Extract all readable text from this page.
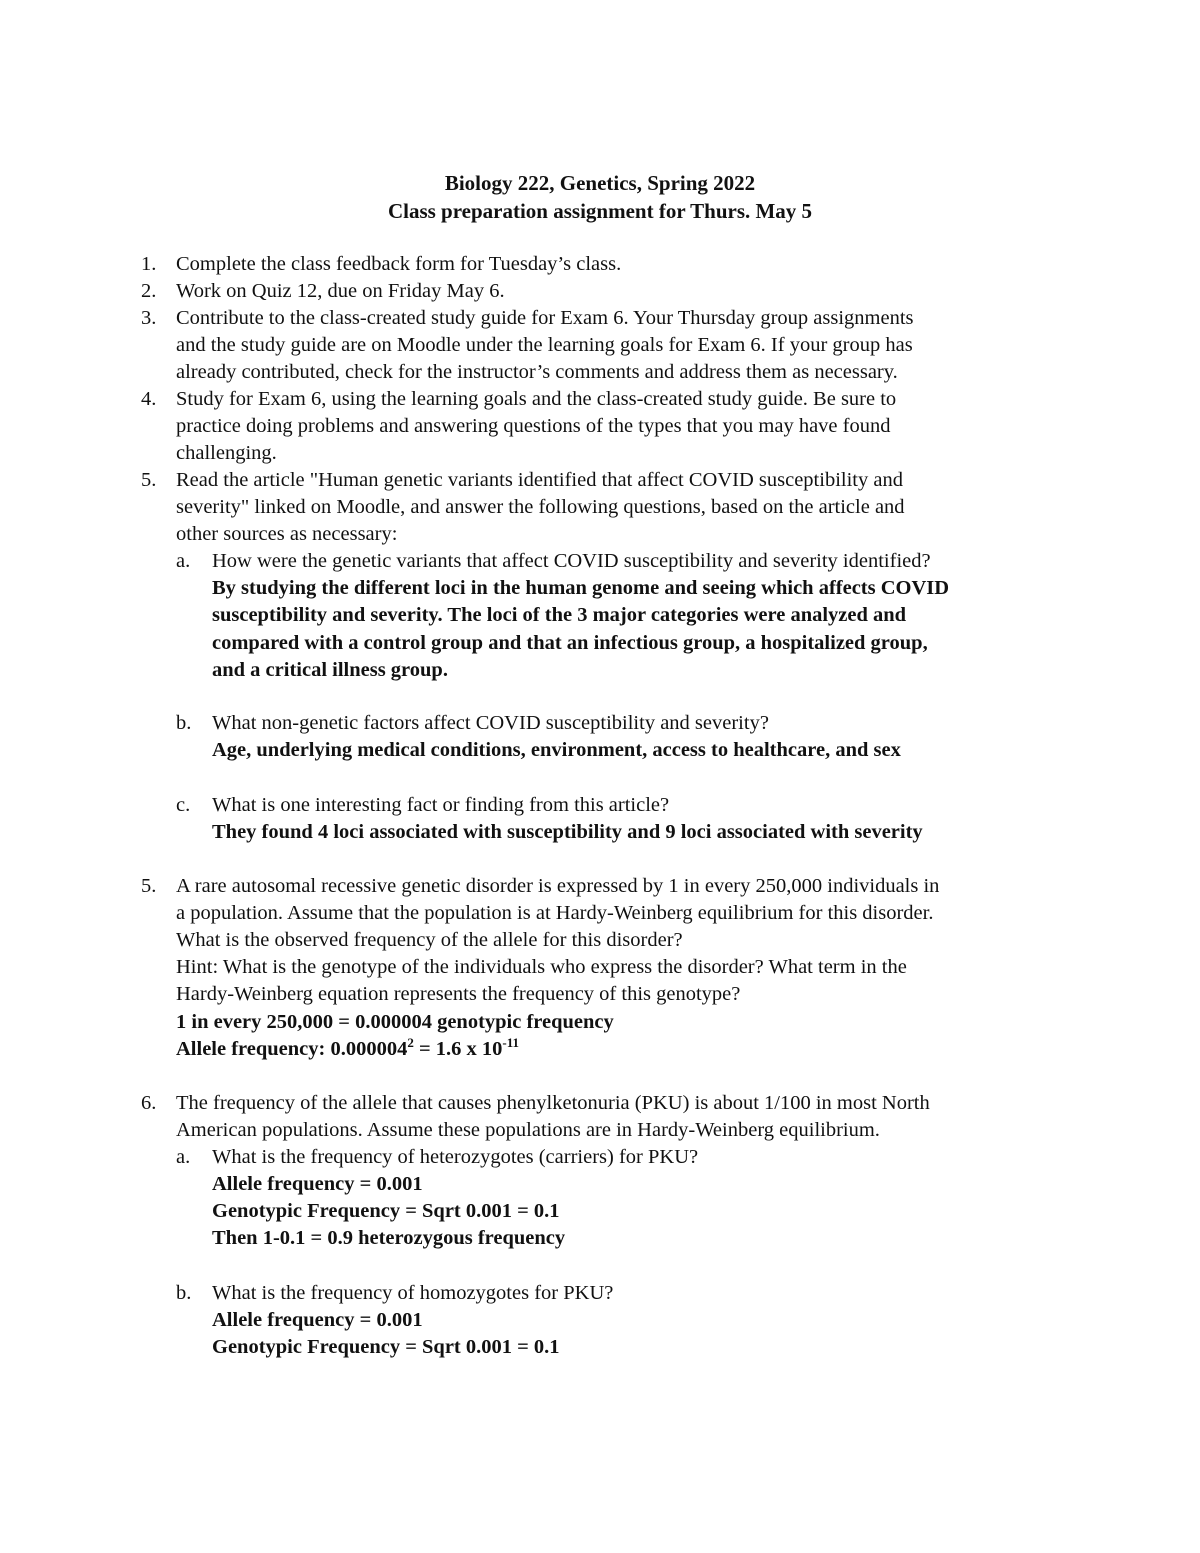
Biology 222, Genetics, Spring 2022
Class preparation assignment for Thurs. May 5
1. Complete the class feedback form for Tuesday’s class.
2. Work on Quiz 12, due on Friday May 6.
3. Contribute to the class-created study guide for Exam 6. Your Thursday group assignments
and the study guide are on Moodle under the learning goals for Exam 6. If your group has
already contributed, check for the instructor’s comments and address them as necessary.
4. Study for Exam 6, using the learning goals and the class-created study guide. Be sure to
practice doing problems and answering questions of the types that you may have found
challenging.
5. Read the article "Human genetic variants identified that affect COVID susceptibility and
severity" linked on Moodle, and answer the following questions, based on the article and
other sources as necessary:
a. How were the genetic variants that affect COVID susceptibility and severity identified?
By studying the different loci in the human genome and seeing which affects COVID
susceptibility and severity. The loci of the 3 major categories were analyzed and
compared with a control group and that an infectious group, a hospitalized group,
and a critical illness group.
b. What non-genetic factors affect COVID susceptibility and severity?
Age, underlying medical conditions, environment, access to healthcare, and sex
c. What is one interesting fact or finding from this article?
They found 4 loci associated with susceptibility and 9 loci associated with severity
5. A rare autosomal recessive genetic disorder is expressed by 1 in every 250,000 individuals in
a population. Assume that the population is at Hardy-Weinberg equilibrium for this disorder.
What is the observed frequency of the allele for this disorder?
Hint: What is the genotype of the individuals who express the disorder? What term in the
Hardy-Weinberg equation represents the frequency of this genotype?
1 in every 250,000 = 0.000004 genotypic frequency
Allele frequency: $0.000004^2 = 1.6$ x $10^{-11}$
6. The frequency of the allele that causes phenylketonuria (PKU) is about 1/100 in most North
American populations. Assume these populations are in Hardy-Weinberg equilibrium.
a. What is the frequency of heterozygotes (carriers) for PKU?
Allele frequency = 0.001
Genotypic Frequency = Sqrt 0.001 = 0.1
Then 1-0.1 = 0.9 heterozygous frequency
b. What is the frequency of homozygotes for PKU?
Allele frequency = 0.001
Genotypic Frequency = Sqrt 0.001 = 0.1
